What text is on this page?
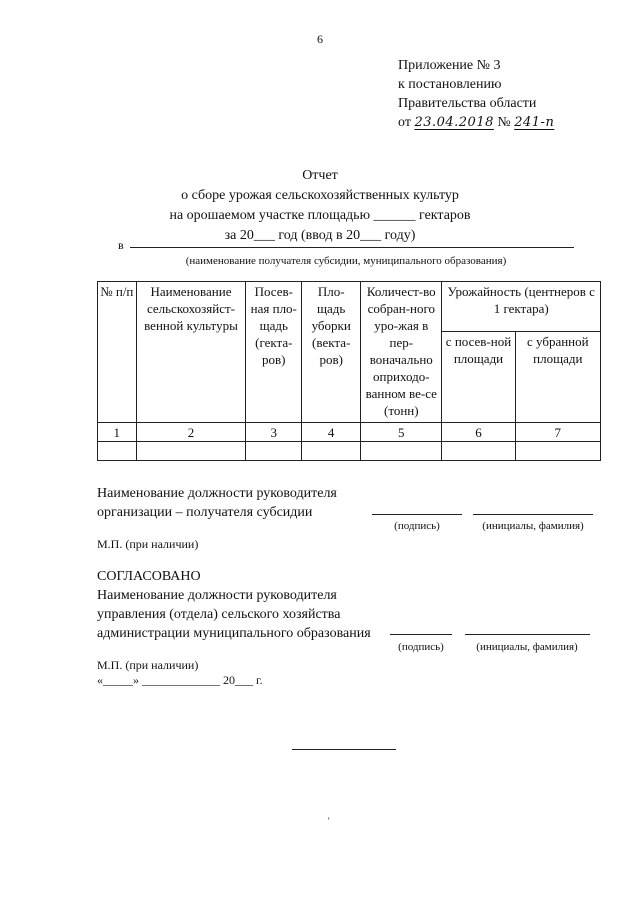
6
Приложение № 3
к постановлению
Правительства области
от 23.04.2018 № 241-п
Отчет
о сборе урожая сельскохозяйственных культур
на орошаемом участке площадью ______ гектаров
за 20___ год (ввод в 20___ году)
в
(наименование получателя субсидии, муниципального образования)
№ п/п	Наименование сельскохозяйст-венной культуры	Посев-ная пло-щадь (гекта-ров)	Пло-щадь уборки (векта-ров)	Количест-во собран-ного уро-жая в пер-воначально оприходо-ванном ве-се (тонн)	Урожайность (центнеров с 1 гектара)	
					с посев-ной площади	с убранной площади
1	2	3	4	5	6	7

Наименование должности руководителя
организации – получателя субсидии
(подпись)	(инициалы, фамилия)
М.П. (при наличии)
СОГЛАСОВАНО
Наименование должности руководителя
управления (отдела) сельского хозяйства
администрации муниципального образования
(подпись)	(инициалы, фамилия)
М.П. (при наличии)
«_____» _____________ 20___ г.
'
